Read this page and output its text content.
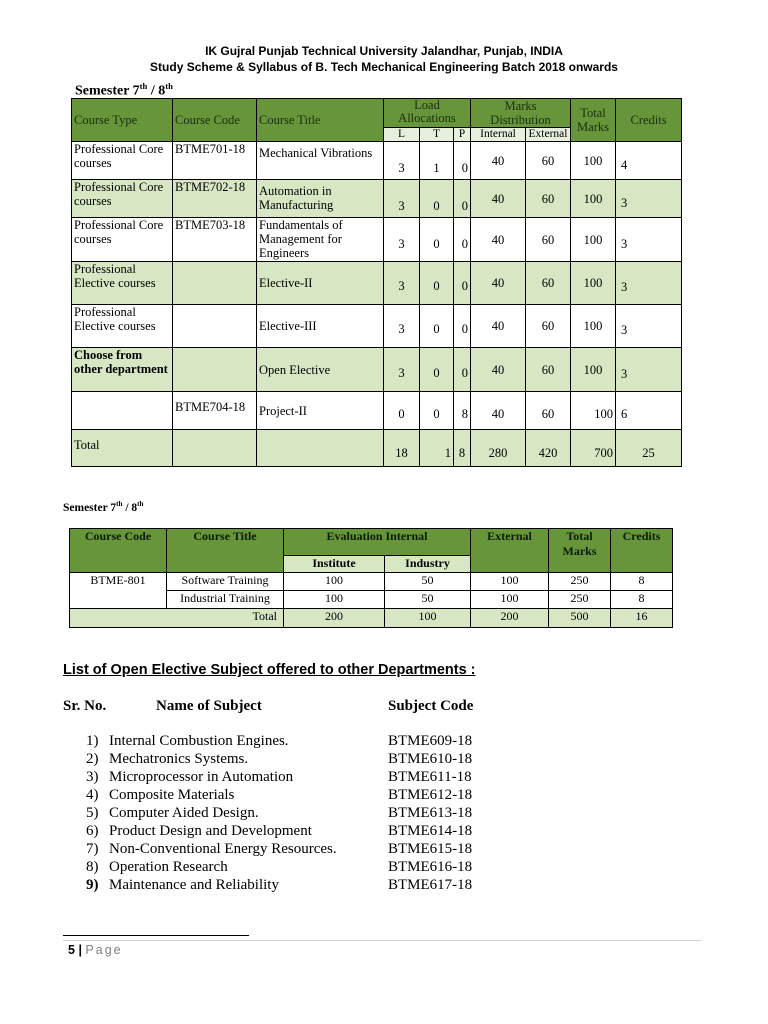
IK Gujral Punjab Technical University Jalandhar, Punjab, INDIA
Study Scheme & Syllabus of B. Tech Mechanical Engineering Batch 2018 onwards
Semester 7th / 8th
Course Type	Course Code	Course Title	Load Allocations			Marks Distribution		Total Marks	Credits
			L	T	P	Internal	External		
Professional Core courses	BTME701-18	Mechanical Vibrations	3	1	0	40	60	100	4
Professional Core courses	BTME702-18	Automation in Manufacturing	3	0	0	40	60	100	3
Professional Core courses	BTME703-18	Fundamentals of Management for Engineers	3	0	0	40	60	100	3
Professional Elective courses		Elective-II	3	0	0	40	60	100	3
Professional Elective courses		Elective-III	3	0	0	40	60	100	3
Choose from other department		Open Elective	3	0	0	40	60	100	3
	BTME704-18	Project-II	0	0	8	40	60	100	6
Total			18	1	8	280	420	700	25
Semester 7th / 8th
Course Code	Course Title	Evaluation Internal		External	Total Marks	Credits
		Institute	Industry			
BTME-801	Software Training	100	50	100	250	8
	Industrial Training	100	50	100	250	8
Total		200	100	200	500	16
List of Open Elective Subject offered to other Departments :
Sr. No.	Name of Subject	Subject Code
1) Internal Combustion Engines.	BTME609-18
2) Mechatronics Systems.	BTME610-18
3) Microprocessor in Automation	BTME611-18
4) Composite Materials	BTME612-18
5) Computer Aided Design.	BTME613-18
6) Product Design and Development	BTME614-18
7) Non-Conventional Energy Resources.	BTME615-18
8) Operation Research	BTME616-18
9) Maintenance and Reliability	BTME617-18
5 | Page
